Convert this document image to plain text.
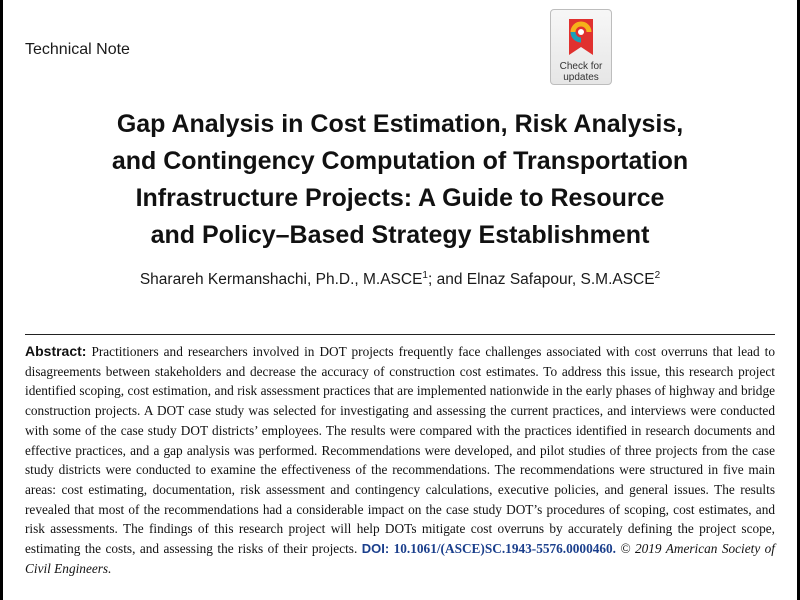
Technical Note
Check for
updates
Gap Analysis in Cost Estimation, Risk Analysis,
and Contingency Computation of Transportation
Infrastructure Projects: A Guide to Resource
and Policy–Based Strategy Establishment
Sharareh Kermanshachi, Ph.D., M.ASCE$^1$; and Elnaz Safapour, S.M.ASCE$^2$
Abstract: Practitioners and researchers involved in DOT projects frequently face challenges associated with cost overruns that lead to disagreements between stakeholders and decrease the accuracy of construction cost estimates. To address this issue, this research project identified scoping, cost estimation, and risk assessment practices that are implemented nationwide in the early phases of highway and bridge construction projects. A DOT case study was selected for investigating and assessing the current practices, and interviews were conducted with some of the case study DOT districts’ employees. The results were compared with the practices identified in research documents and effective practices, and a gap analysis was performed. Recommendations were developed, and pilot studies of three projects from the case study districts were conducted to examine the effectiveness of the recommendations. The recommendations were structured in five main areas: cost estimating, documentation, risk assessment and contingency calculations, executive policies, and general issues. The results revealed that most of the recommendations had a considerable impact on the case study DOT’s procedures of scoping, cost estimates, and risk assessments. The findings of this research project will help DOTs mitigate cost overruns by accurately defining the project scope, estimating the costs, and assessing the risks of their projects. DOI: 10.1061/(ASCE)SC.1943-5576.0000460. © 2019 American Society of Civil Engineers.
